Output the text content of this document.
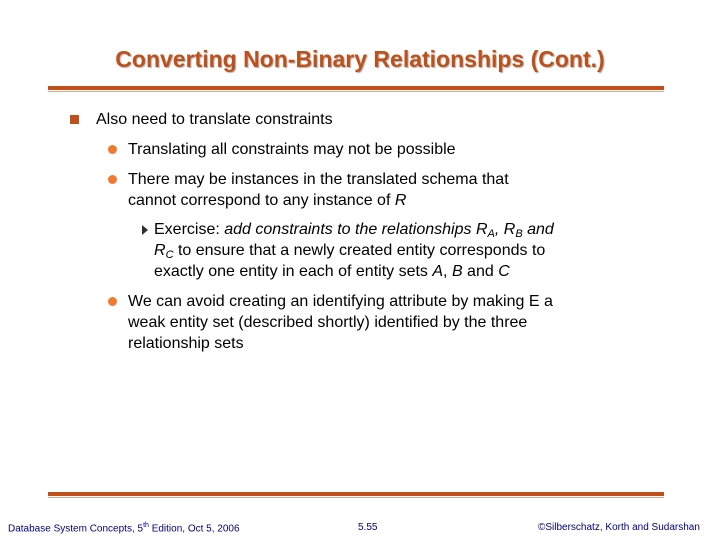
Converting Non-Binary Relationships (Cont.)
Also need to translate constraints
Translating all constraints may not be possible
There may be instances in the translated schema that
cannot correspond to any instance of R
Exercise: add constraints to the relationships $R_A$, $R_B$ and
$R_C$ to ensure that a newly created entity corresponds to
exactly one entity in each of entity sets A, B and C
We can avoid creating an identifying attribute by making E a
weak entity set (described shortly) identified by the three
relationship sets
Database System Concepts, 5th Edition, Oct 5, 2006	5.55	©Silberschatz, Korth and Sudarshan
